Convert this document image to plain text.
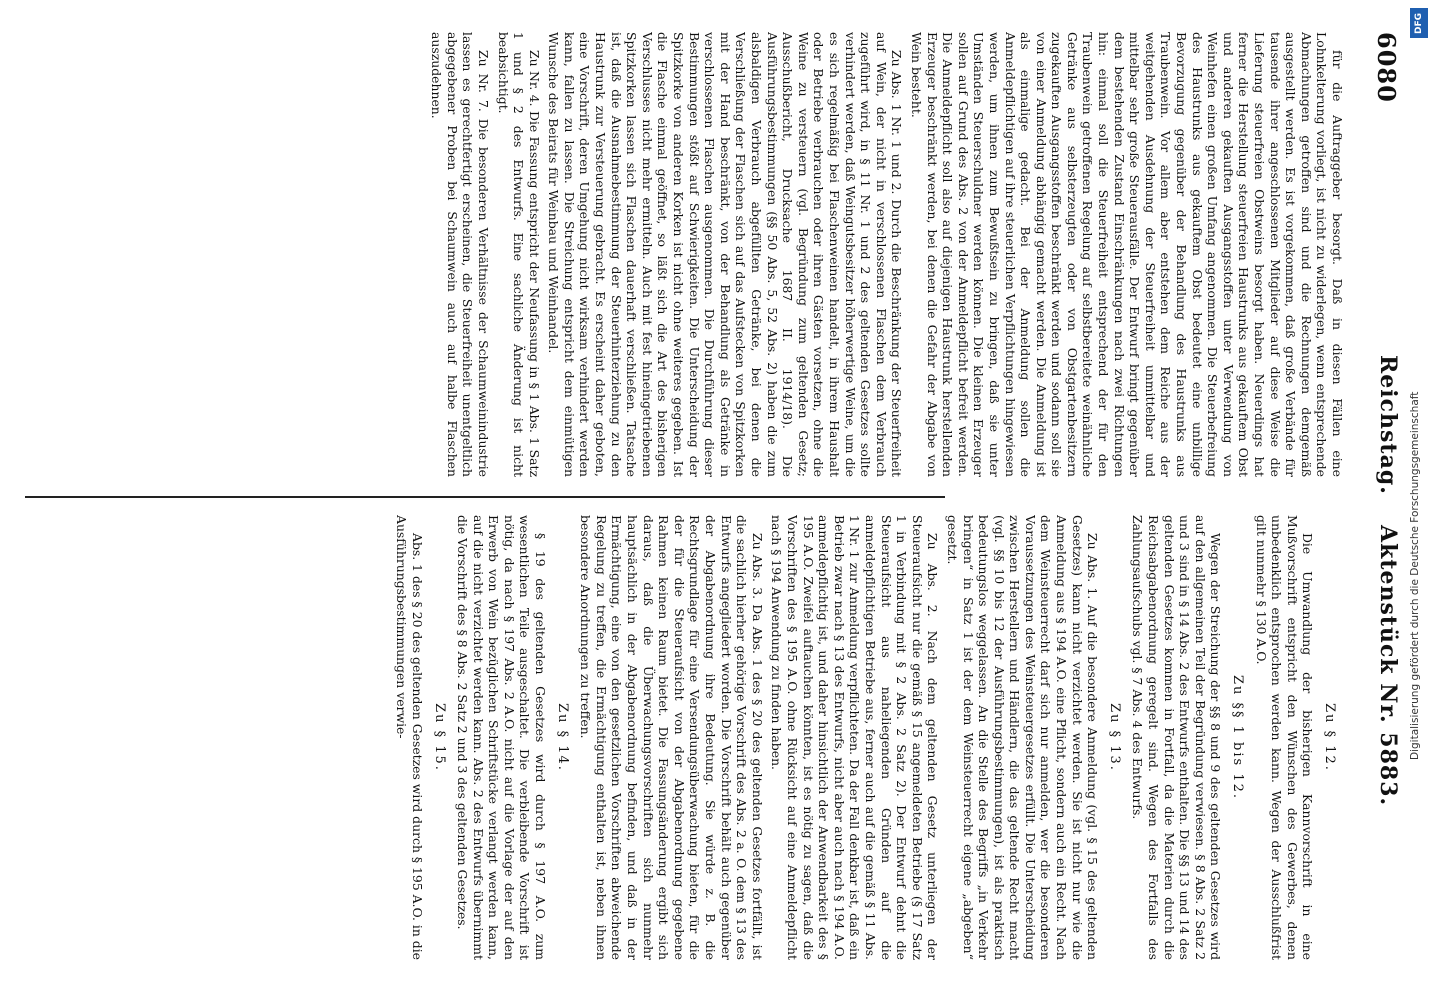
6080
Reichstag.
Aktenstück Nr. 5883.

für die Auftraggeber besorgt. Daß in diesen Fällen eine Lohnkelterung vorliegt, ist nicht zu widerlegen, wenn entsprechende Abmachungen getroffen sind und die Rechnungen demgemäß ausgestellt werden. Es ist vorgekommen, daß große Verbände für tausende ihrer angeschlossenen Mitglieder auf diese Weise die Lieferung steuerfreien Obstweins besorgt haben. Neuerdings hat ferner die Herstellung steuerfreien Haustrunks aus gekauftem Obst und anderen gekauften Ausgangsstoffen unter Verwendung von Weinhefen einen großen Umfang angenommen. Die Steuerbefreiung des Haustrunks aus gekauftem Obst bedeutet eine unbillige Bevorzugung gegenüber der Behandlung des Haustrunks aus Traubenwein. Vor allem aber entstehen dem Reiche aus der weitgehenden Ausdehnung der Steuerfreiheit unmittelbar und mittelbar sehr große Steuerausfälle. Der Entwurf bringt gegenüber dem bestehenden Zustand Einschränkungen nach zwei Richtungen hin: einmal soll die Steuerfreiheit entsprechend der für den Traubenwein getroffenen Regelung auf selbstbereitete weinähnliche Getränke aus selbsterzeugten oder von Obstgartenbesitzern zugekauften Ausgangsstoffen beschränkt werden und sodann soll sie von einer Anmeldung abhängig gemacht werden. Die Anmeldung ist als einmalige gedacht. Bei der Anmeldung sollen die Anmeldepflichtigen auf ihre steuerlichen Verpflichtungen hingewiesen werden, um ihnen zum Bewußtsein zu bringen, daß sie unter Umständen Steuerschuldner werden können. Die kleinen Erzeuger sollen auf Grund des Abs. 2 von der Anmeldepflicht befreit werden. Die Anmeldepflicht soll also auf diejenigen Haustrunk herstellenden Erzeuger beschränkt werden, bei denen die Gefahr der Abgabe von Wein besteht.

Zu Abs. 1 Nr. 1 und 2. Durch die Beschränkung der Steuerfreiheit auf Wein, der nicht in verschlossenen Flaschen dem Verbrauch zugeführt wird, in § 11 Nr. 1 und 2 des geltenden Gesetzes sollte verhindert werden, daß Weingutsbesitzer höherwertige Weine, um die es sich regelmäßig bei Flaschenweinen handelt, in ihrem Haushalt oder Betriebe verbrauchen oder ihren Gästen vorsetzen, ohne die Weine zu versteuern (vgl. Begründung zum geltenden Gesetz; Ausschußbericht, Drucksache 1687 II. 1914/18). Die Ausführungsbestimmungen (§§ 50 Abs. 5, 52 Abs. 2) haben die zum alsbaldigen Verbrauch abgefüllten Getränke, bei denen die Verschließung der Flaschen sich auf das Aufstecken von Spitzkorken mit der Hand beschränkt, von der Behandlung als Getränke in verschlossenen Flaschen ausgenommen. Die Durchführung dieser Bestimmungen stößt auf Schwierigkeiten. Die Unterscheidung der Spitzkorke von anderen Korken ist nicht ohne weiteres gegeben. Ist die Flasche einmal geöffnet, so läßt sich die Art des bisherigen Verschlusses nicht mehr ermitteln. Auch mit fest hineingetriebenen Spitzkorken lassen sich Flaschen dauerhaft verschließen. Tatsache ist, daß die Ausnahmebestimmung der Steuerhinterziehung zu den Haustrunk zur Versteuerung gebracht. Es erscheint daher geboten, eine Vorschrift, deren Umgehung nicht wirksam verhindert werden kann, fallen zu lassen. Die Streichung entspricht dem einmütigen Wunsche des Beirats für Weinbau und Weinhandel.

Zu Nr. 4. Die Fassung entspricht der Neufassung in § 1 Abs. 1 Satz 1 und § 2 des Entwurfs. Eine sachliche Änderung ist nicht beabsichtigt.

Zu Nr. 7. Die besonderen Verhältnisse der Schaumweinindustrie lassen es gerechtfertigt erscheinen, die Steuerfreiheit unentgeltlich abgegebener Proben bei Schaumwein auch auf halbe Flaschen auszudehnen.

Zu § 12.

Die Umwandlung der bisherigen Kannvorschrift in eine Mußvorschrift entspricht den Wünschen des Gewerbes, denen unbedenklich entsprochen werden kann. Wegen der Ausschlußfrist gilt nunmehr § 130 A.O.

Zu §§ 1 bis 12.

Wegen der Streichung der §§ 8 und 9 des geltenden Gesetzes wird auf den allgemeinen Teil der Begründung verwiesen. § 8 Abs. 2 Satz 2 und 3 sind in § 14 Abs. 2 des Entwurfs enthalten. Die §§ 13 und 14 des geltenden Gesetzes kommen in Fortfall, da die Materien durch die Reichsabgabenordnung geregelt sind. Wegen des Fortfalls des Zahlungsaufschubs vgl. § 7 Abs. 4 des Entwurfs.

Zu § 13.

Zu Abs. 1. Auf die besondere Anmeldung (vgl. § 15 des geltenden Gesetzes) kann nicht verzichtet werden. Sie ist nicht nur wie die Anmeldung aus § 194 A.O. eine Pflicht, sondern auch ein Recht. Nach dem Weinsteuerrecht darf sich nur anmelden, wer die besonderen Voraussetzungen des Weinsteuergesetzes erfüllt. Die Unterscheidung zwischen Herstellern und Händlern, die das geltende Recht macht (vgl. §§ 10 bis 12 der Ausführungsbestimmungen), ist als praktisch bedeutungslos weggelassen. An die Stelle des Begriffs „in Verkehr bringen“ in Satz 1 ist der dem Weinsteuerrecht eigene „abgeben“ gesetzt.

Zu Abs. 2. Nach dem geltenden Gesetz unterliegen der Steueraufsicht nur die gemäß § 15 angemeldeten Betriebe (§ 17 Satz 1 in Verbindung mit § 2 Abs. 2 Satz 2). Der Entwurf dehnt die Steueraufsicht aus naheliegenden Gründen auf die anmeldepflichtigen Betriebe aus, ferner auch auf die gemäß § 11 Abs. 1 Nr. 1 zur Anmeldung verpflichteten. Da der Fall denkbar ist, daß ein Betrieb zwar nach § 13 des Entwurfs, nicht aber auch nach § 194 A.O. anmeldepflichtig ist, und daher hinsichtlich der Anwendbarkeit des § 195 A.O. Zweifel auftauchen könnten, ist es nötig zu sagen, daß die Vorschriften des § 195 A.O. ohne Rücksicht auf eine Anmeldepflicht nach § 194 Anwendung zu finden haben.

Zu Abs. 3. Da Abs. 1 des § 20 des geltenden Gesetzes fortfällt, ist die sachlich hierher gehörige Vorschrift des Abs. 2 a. O. dem § 13 des Entwurfs angegliedert worden. Die Vorschrift behält auch gegenüber der Abgabenordnung ihre Bedeutung. Sie würde z. B. die Rechtsgrundlage für eine Versendungsüberwachung bieten, für die der für die Steueraufsicht von der Abgabenordnung gegebene Rahmen keinen Raum bietet. Die Fassungsänderung ergibt sich daraus, daß die Überwachungsvorschriften sich nunmehr hauptsächlich in der Abgabenordnung befinden, und daß in der Ermächtigung, eine von den gesetzlichen Vorschriften abweichende Regelung zu treffen, die Ermächtigung enthalten ist, neben ihnen besondere Anordnungen zu treffen.

Zu § 14.

§ 19 des geltenden Gesetzes wird durch § 197 A.O. zum wesentlichen Teile ausgeschaltet. Die verbleibende Vorschrift ist nötig, da nach § 197 Abs. 2 A.O. nicht auf die Vorlage der auf den Erwerb von Wein bezüglichen Schriftstücke verlangt werden kann, auf die nicht verzichtet werden kann. Abs. 2 des Entwurfs übernimmt die Vorschrift des § 8 Abs. 2 Satz 2 und 3 des geltenden Gesetzes.

Zu § 15.

Abs. 1 des § 20 des geltenden Gesetzes wird durch § 195 A.O. in die Ausführungsbestimmungen verwie-	Digitalisierung gefördert durch die Deutsche Forschungsgemeinschaft
DFG
